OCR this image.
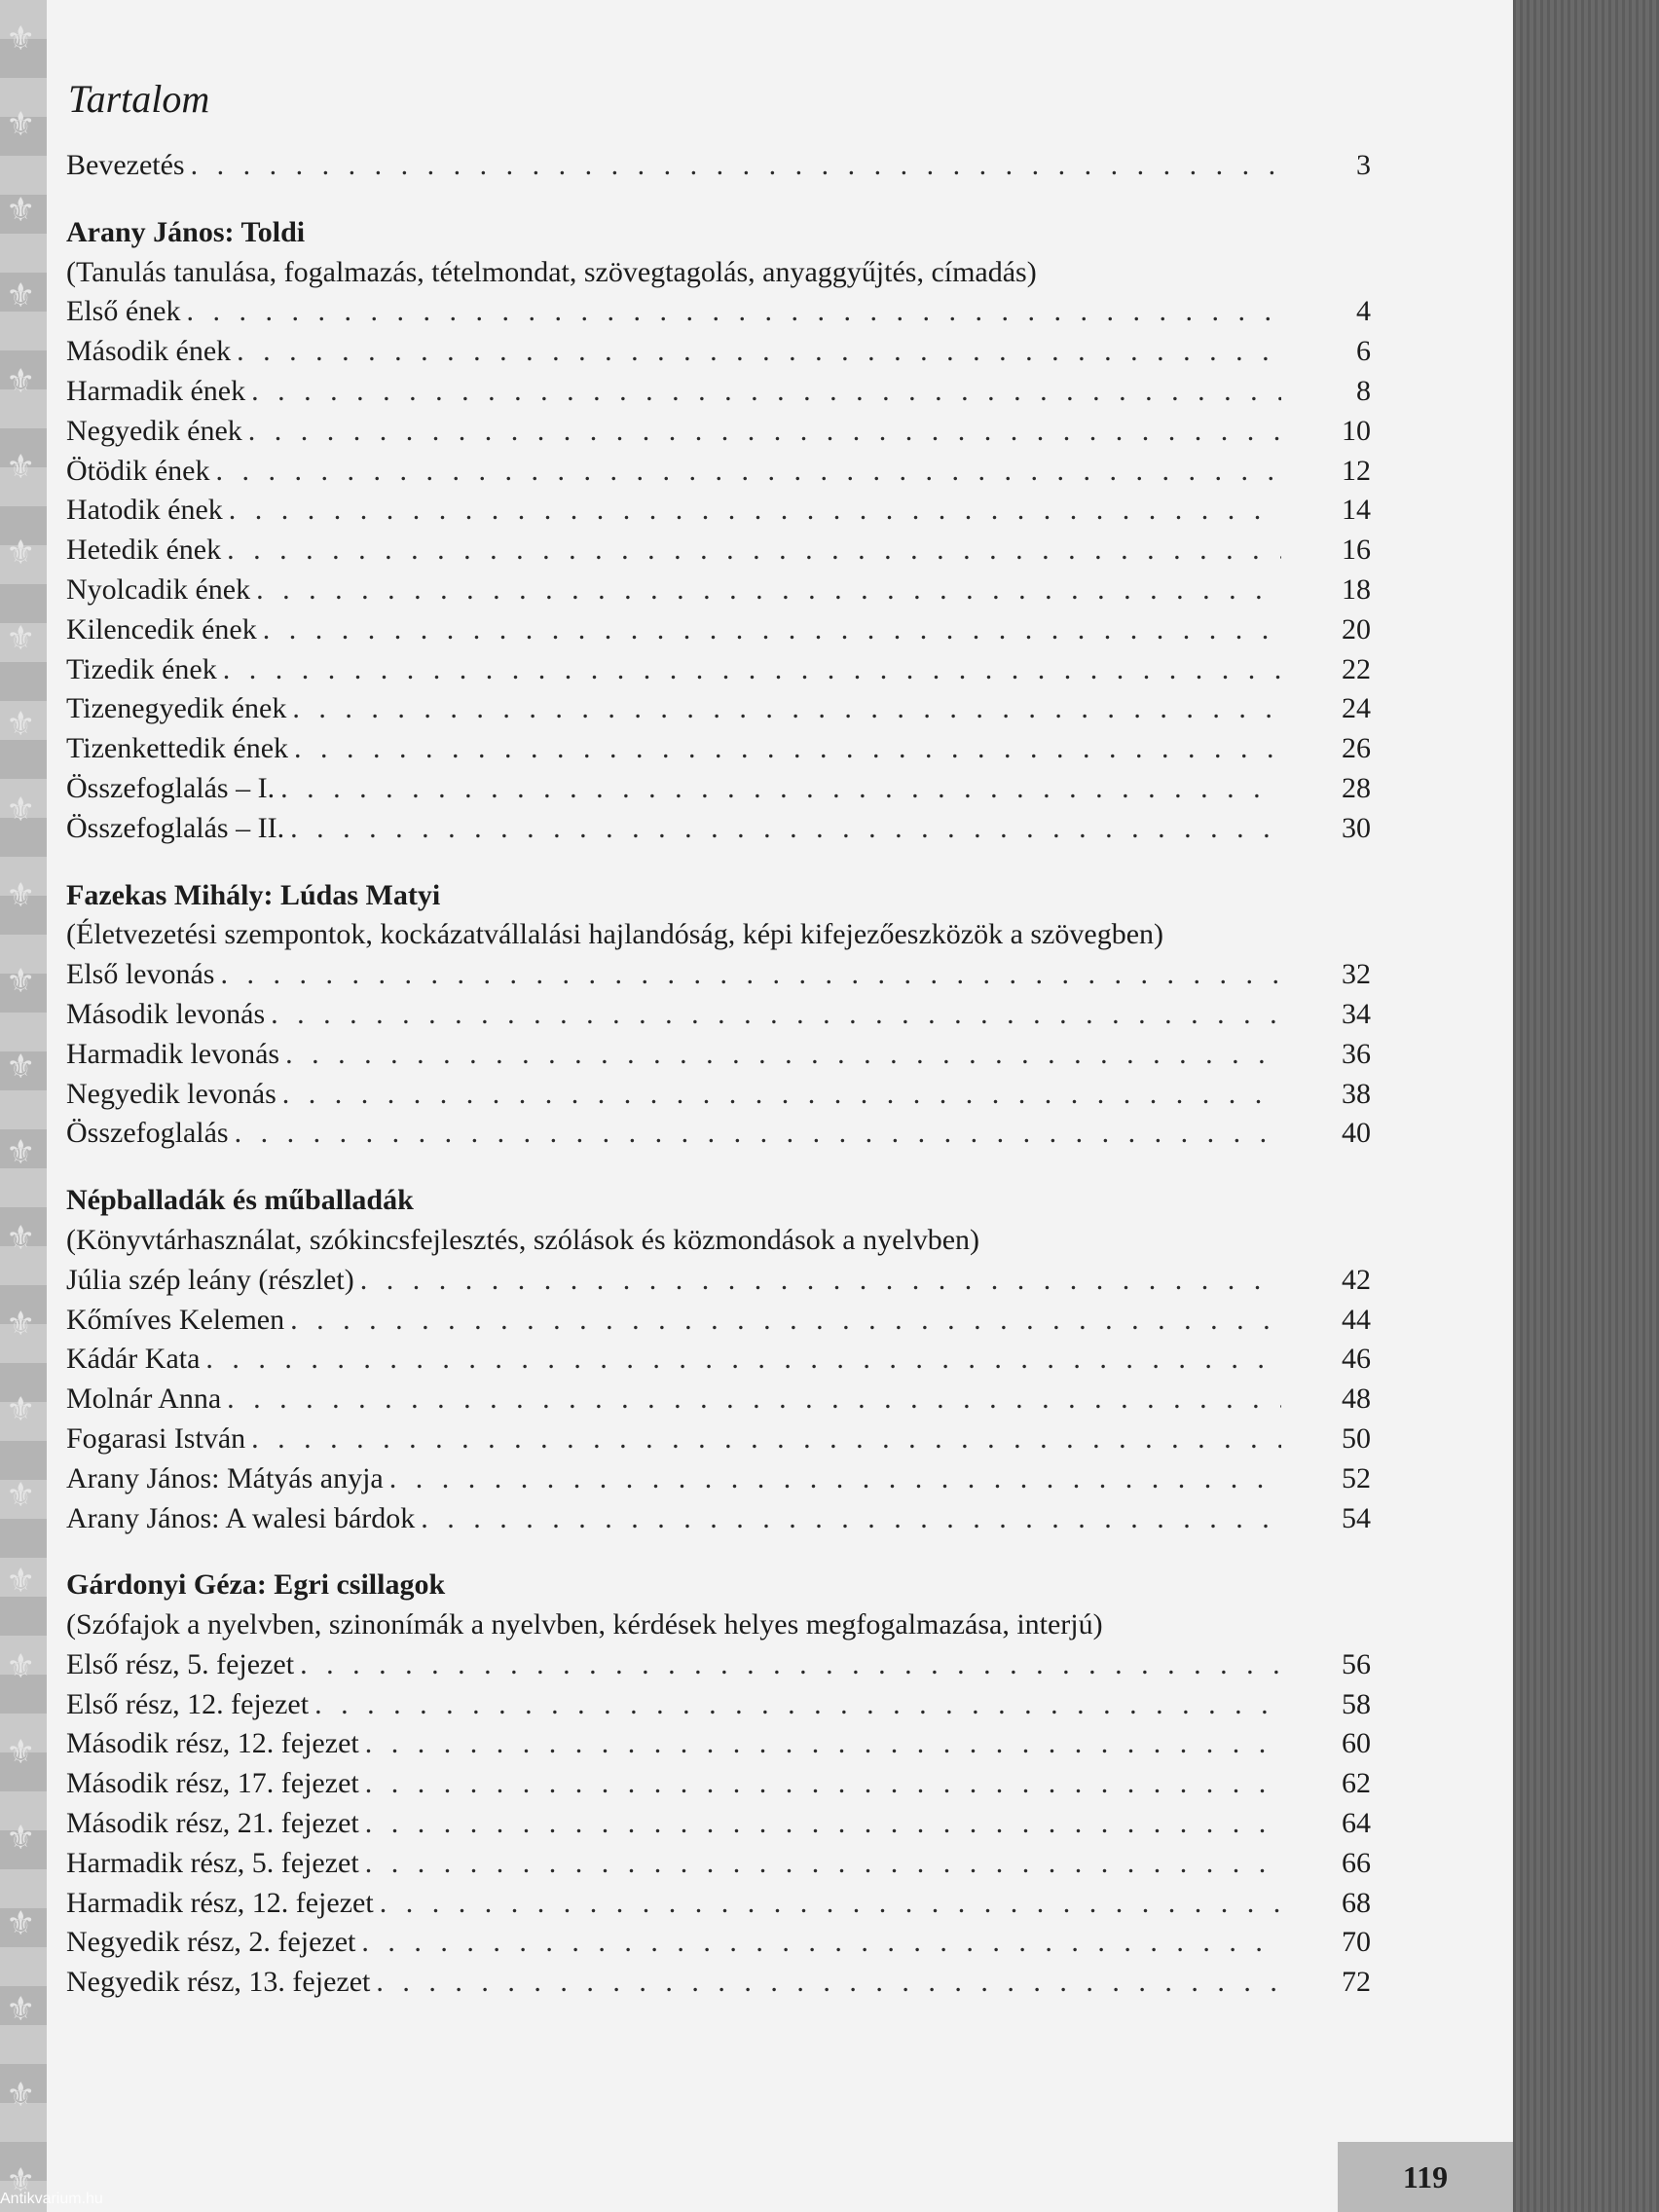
⚜
⚜
⚜
⚜
⚜
⚜
⚜
⚜
⚜
⚜
⚜
⚜
⚜
⚜
⚜
⚜
⚜
⚜
⚜
⚜
⚜
⚜
⚜
⚜
⚜
⚜
Tartalom
Bevezetés . . .	3
Arany János: Toldi
(Tanulás tanulása, fogalmazás, tételmondat, szövegtagolás, anyaggyűjtés, címadás)
Első ének . . .	4
Második ének . . .	6
Harmadik ének . . .	8
Negyedik ének . . .	10
Ötödik ének . . .	12
Hatodik ének . . .	14
Hetedik ének . . .	16
Nyolcadik ének . . .	18
Kilencedik ének . . .	20
Tizedik ének . . .	22
Tizenegyedik ének . . .	24
Tizenkettedik ének . . .	26
Összefoglalás – I. . . .	28
Összefoglalás – II. . . .	30
Fazekas Mihály: Lúdas Matyi
(Életvezetési szempontok, kockázatvállalási hajlandóság, képi kifejezőeszközök a szövegben)
Első levonás . . .	32
Második levonás . . .	34
Harmadik levonás . . .	36
Negyedik levonás . . .	38
Összefoglalás . . .	40
Népballadák és műballadák
(Könyvtárhasználat, szókincsfejlesztés, szólások és közmondások a nyelvben)
Júlia szép leány (részlet) . . .	42
Kőmíves Kelemen . . .	44
Kádár Kata . . .	46
Molnár Anna . . .	48
Fogarasi István . . .	50
Arany János: Mátyás anyja . . .	52
Arany János: A walesi bárdok . . .	54
Gárdonyi Géza: Egri csillagok
(Szófajok a nyelvben, szinonímák a nyelvben, kérdések helyes megfogalmazása, interjú)
Első rész, 5. fejezet . . .	56
Első rész, 12. fejezet . . .	58
Második rész, 12. fejezet . . .	60
Második rész, 17. fejezet . . .	62
Második rész, 21. fejezet . . .	64
Harmadik rész, 5. fejezet . . .	66
Harmadik rész, 12. fejezet . . .	68
Negyedik rész, 2. fejezet . . .	70
Negyedik rész, 13. fejezet . . .	72
119
Antikvarium.hu
